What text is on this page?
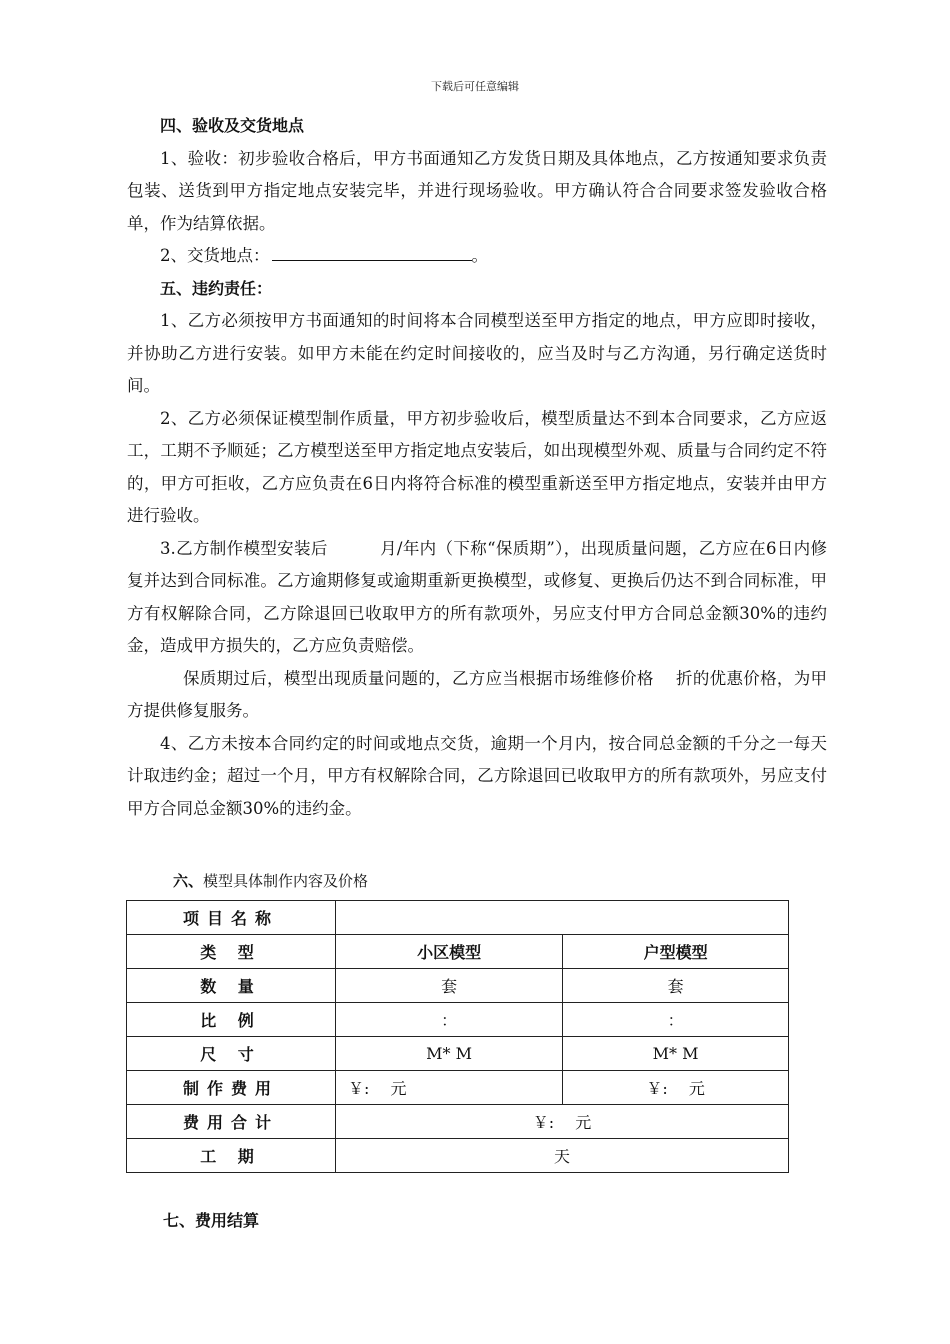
下载后可任意编辑

四、验收及交货地点

1、验收：初步验收合格后，甲方书面通知乙方发货日期及具体地点，乙方按通知要求负责包装、送货到甲方指定地点安装完毕，并进行现场验收。甲方确认符合合同要求签发验收合格单，作为结算依据。

2、交货地点：	。

五、违约责任：

1、乙方必须按甲方书面通知的时间将本合同模型送至甲方指定的地点，甲方应即时接收，并协助乙方进行安装。如甲方未能在约定时间接收的，应当及时与乙方沟通，另行确定送货时间。

2、乙方必须保证模型制作质量，甲方初步验收后，模型质量达不到本合同要求，乙方应返工，工期不予顺延；乙方模型送至甲方指定地点安装后，如出现模型外观、质量与合同约定不符的，甲方可拒收，乙方应负责在6日内将符合标准的模型重新送至甲方指定地点，安装并由甲方进行验收。

3.乙方制作模型安装后	月/年内（下称“保质期”），出现质量问题，乙方应在6日内修复并达到合同标准。乙方逾期修复或逾期重新更换模型，或修复、更换后仍达不到合同标准，甲方有权解除合同，乙方除退回已收取甲方的所有款项外，另应支付甲方合同总金额30%的违约金，造成甲方损失的，乙方应负责赔偿。

保质期过后，模型出现质量问题的，乙方应当根据市场维修价格 折的优惠价格，为甲方提供修复服务。

4、乙方未按本合同约定的时间或地点交货，逾期一个月内，按合同总金额的千分之一每天计取违约金；超过一个月，甲方有权解除合同，乙方除退回已收取甲方的所有款项外，另应支付甲方合同总金额30%的违约金。

六、模型具体制作内容及价格
项目名称		
类 型	小区模型	户型模型
数 量	套	套
比 例	：	：
尺 寸	M* M	M* M
制作费用	￥:　 元	￥:　 元
费用合计	￥:　 元	
工 期	天	
七、费用结算
